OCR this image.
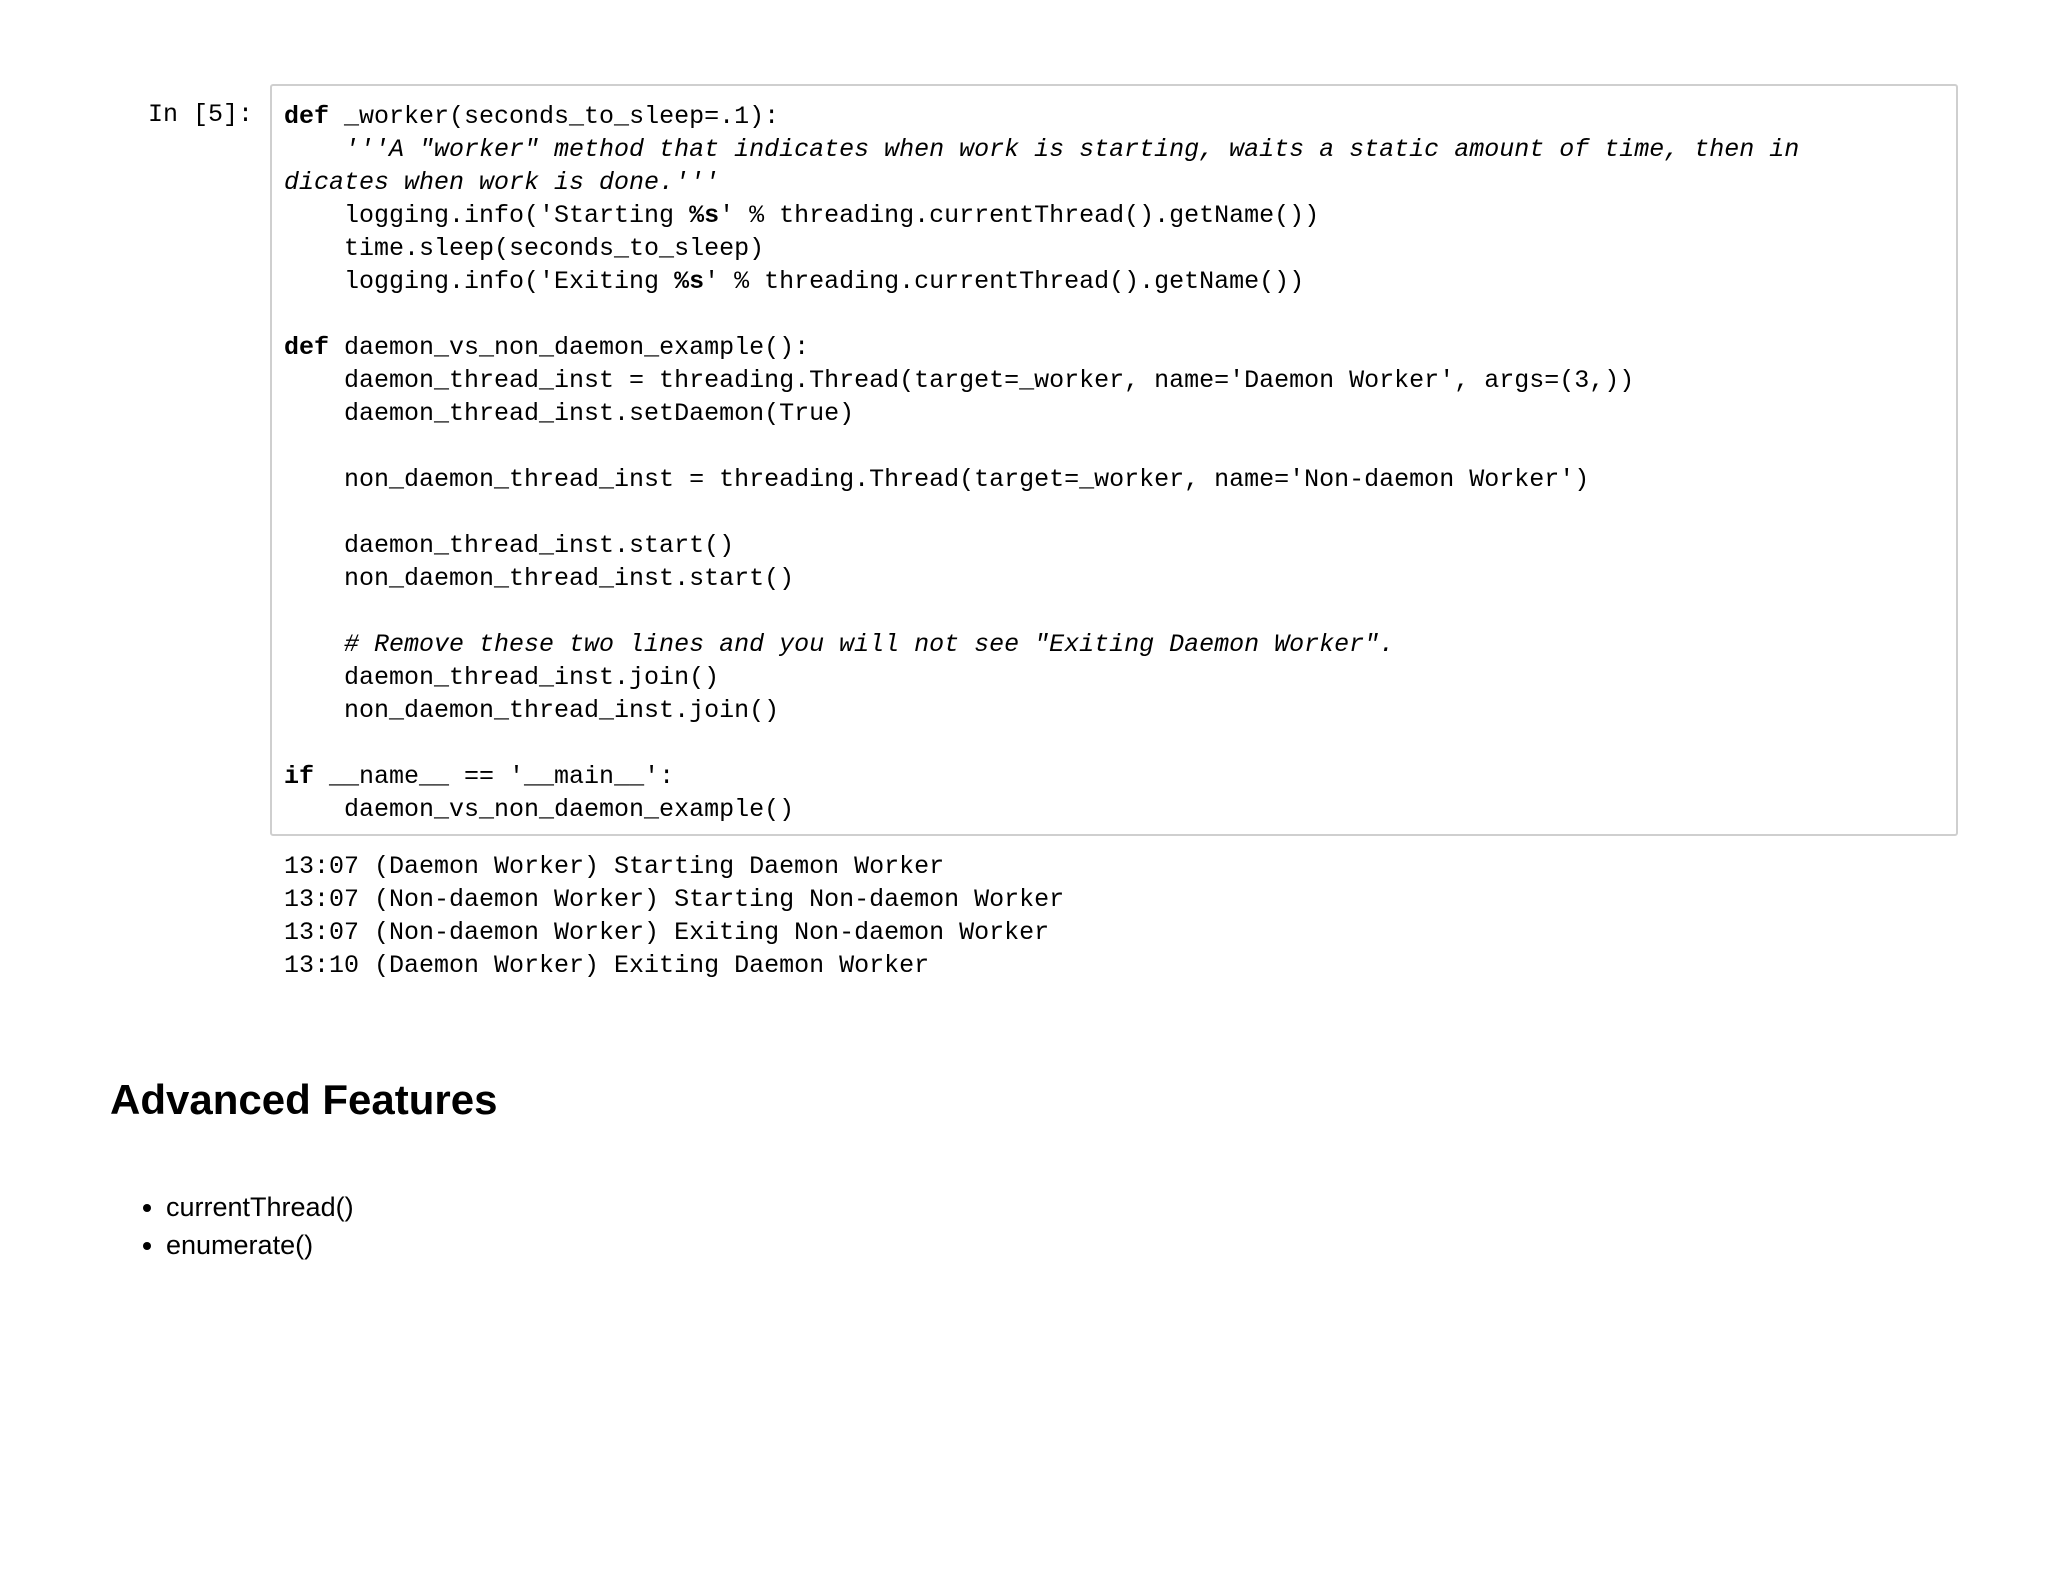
In [5]:	def _worker(seconds_to_sleep=.1):
'''A "worker" method that indicates when work is starting, waits a static amount of time, then in
dicates when work is done.'''
logging.info('Starting %s' % threading.currentThread().getName())
time.sleep(seconds_to_sleep)
logging.info('Exiting %s' % threading.currentThread().getName())
def daemon_vs_non_daemon_example():
daemon_thread_inst = threading.Thread(target=_worker, name='Daemon Worker', args=(3,))
daemon_thread_inst.setDaemon(True)
non_daemon_thread_inst = threading.Thread(target=_worker, name='Non-daemon Worker')
daemon_thread_inst.start()
non_daemon_thread_inst.start()
# Remove these two lines and you will not see "Exiting Daemon Worker".
daemon_thread_inst.join()
non_daemon_thread_inst.join()
if __name__ == '__main__':
daemon_vs_non_daemon_example()
13:07 (Daemon Worker) Starting Daemon Worker
13:07 (Non-daemon Worker) Starting Non-daemon Worker
13:07 (Non-daemon Worker) Exiting Non-daemon Worker
13:10 (Daemon Worker) Exiting Daemon Worker
Advanced Features
• currentThread()
• enumerate()
